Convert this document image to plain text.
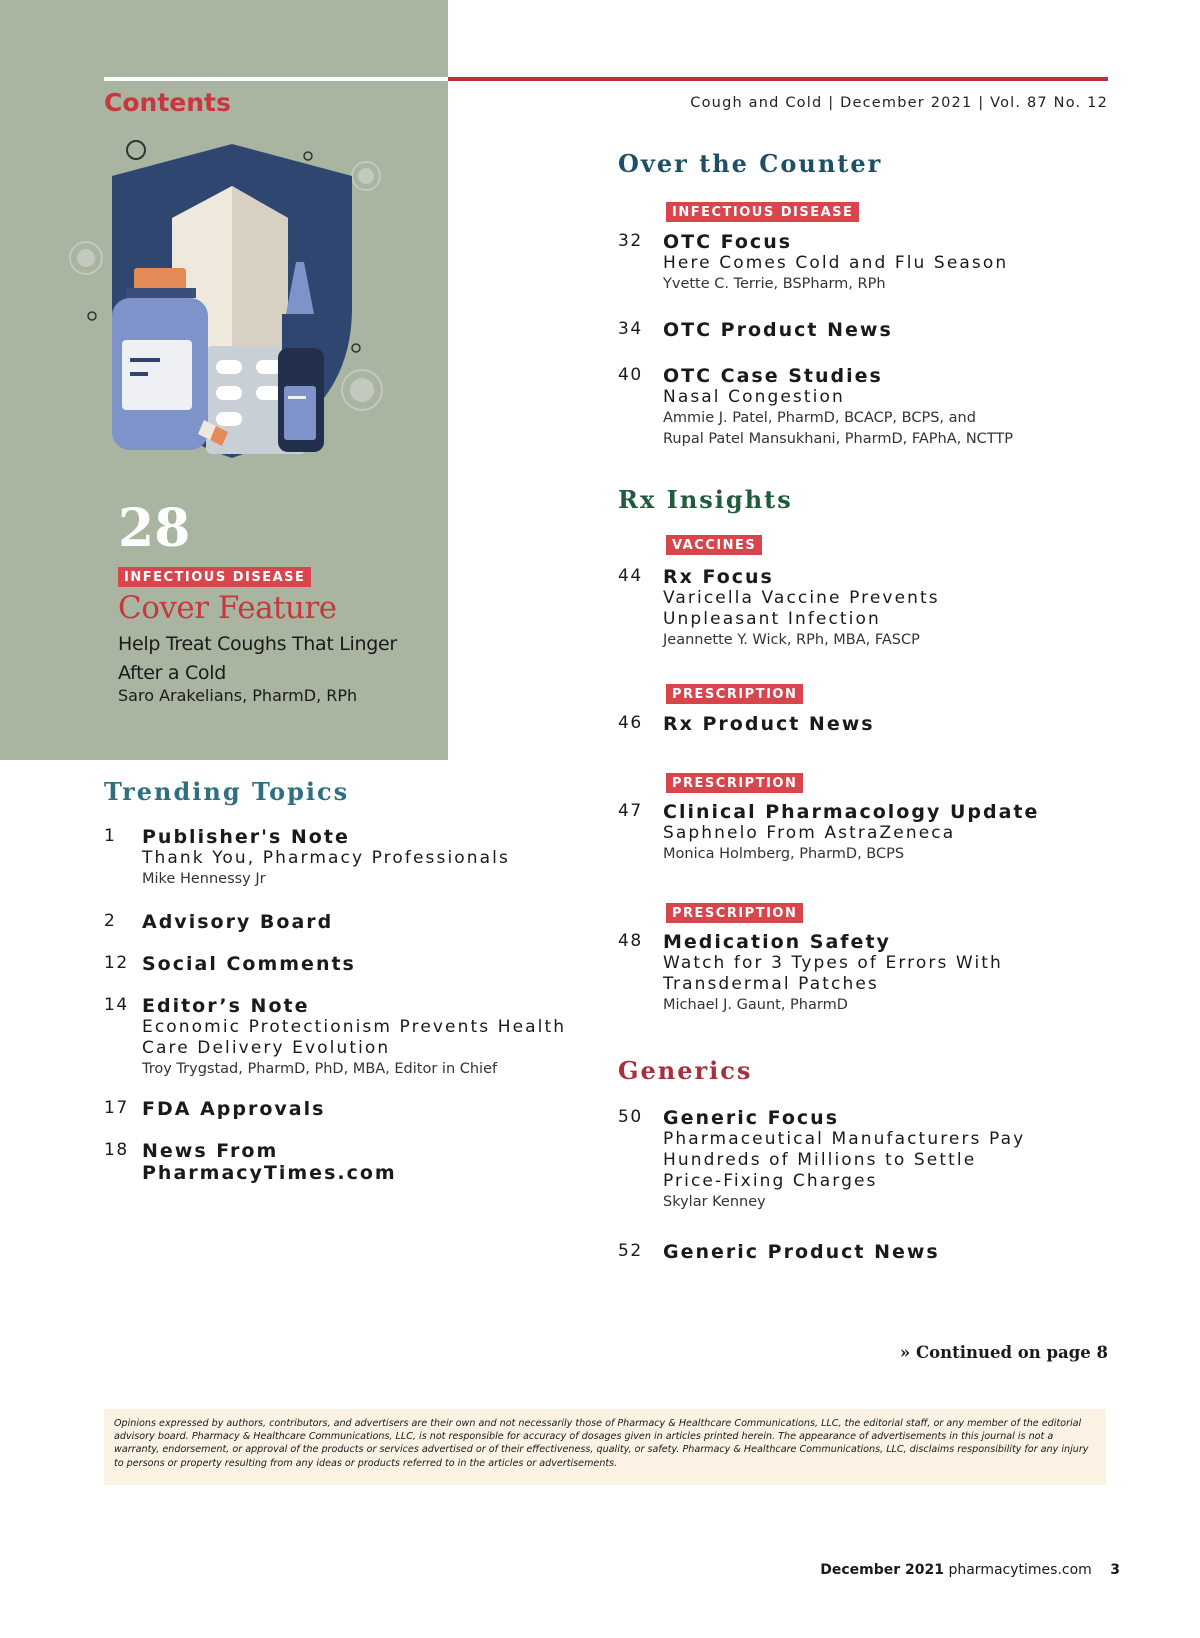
Contents	Cough and Cold | December 2021 | Vol. 87 No. 12
28
INFECTIOUS DISEASE
Cover Feature
Help Treat Coughs That Linger After a Cold
Saro Arakelians, PharmD, RPh
Over the Counter
INFECTIOUS DISEASE
32 OTC Focus
Here Comes Cold and Flu Season
Yvette C. Terrie, BSPharm, RPh
34 OTC Product News
40 OTC Case Studies
Nasal Congestion
Ammie J. Patel, PharmD, BCACP, BCPS, and
Rupal Patel Mansukhani, PharmD, FAPhA, NCTTP
Rx Insights
VACCINES
44 Rx Focus
Varicella Vaccine Prevents
Unpleasant Infection
Jeannette Y. Wick, RPh, MBA, FASCP
PRESCRIPTION
46 Rx Product News
PRESCRIPTION
47 Clinical Pharmacology Update
Saphnelo From AstraZeneca
Monica Holmberg, PharmD, BCPS
PRESCRIPTION
48 Medication Safety
Watch for 3 Types of Errors With
Transdermal Patches
Michael J. Gaunt, PharmD
Generics
50 Generic Focus
Pharmaceutical Manufacturers Pay
Hundreds of Millions to Settle
Price-Fixing Charges
Skylar Kenney
52 Generic Product News
Trending Topics
1 Publisher's Note
Thank You, Pharmacy Professionals
Mike Hennessy Jr
2 Advisory Board
12 Social Comments
14 Editor’s Note
Economic Protectionism Prevents Health
Care Delivery Evolution
Troy Trygstad, PharmD, PhD, MBA, Editor in Chief
17 FDA Approvals
18 News From
PharmacyTimes.com
» Continued on page 8
Opinions expressed by authors, contributors, and advertisers are their own and not necessarily those of Pharmacy & Healthcare Communications, LLC, the editorial staff, or any member of the editorial advisory board. Pharmacy & Healthcare Communications, LLC, is not responsible for accuracy of dosages given in articles printed herein. The appearance of advertisements in this journal is not a warranty, endorsement, or approval of the products or services advertised or of their effectiveness, quality, or safety. Pharmacy & Healthcare Communications, LLC, disclaims responsibility for any injury to persons or property resulting from any ideas or products referred to in the articles or advertisements.
December 2021 pharmacytimes.com 3
